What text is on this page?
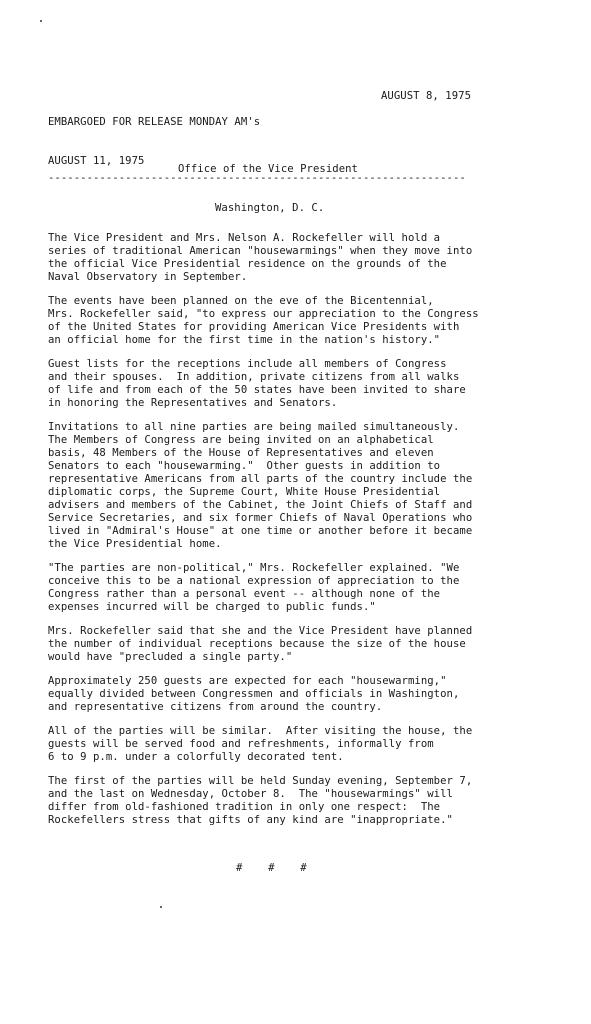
EMBARGOED FOR RELEASE MONDAY AM's

AUGUST 11, 1975

AUGUST 8, 1975

Office of the Vice President

Washington, D. C.

-----------------------------------------------------------------
The Vice President and Mrs. Nelson A. Rockefeller will hold a
series of traditional American "housewarmings" when they move into
the official Vice Presidential residence on the grounds of the
Naval Observatory in September.
The events have been planned on the eve of the Bicentennial,
Mrs. Rockefeller said, "to express our appreciation to the Congress
of the United States for providing American Vice Presidents with
an official home for the first time in the nation's history."
Guest lists for the receptions include all members of Congress
and their spouses.  In addition, private citizens from all walks
of life and from each of the 50 states have been invited to share
in honoring the Representatives and Senators.
Invitations to all nine parties are being mailed simultaneously.
The Members of Congress are being invited on an alphabetical
basis, 48 Members of the House of Representatives and eleven
Senators to each "housewarming."  Other guests in addition to
representative Americans from all parts of the country include the
diplomatic corps, the Supreme Court, White House Presidential
advisers and members of the Cabinet, the Joint Chiefs of Staff and
Service Secretaries, and six former Chiefs of Naval Operations who
lived in "Admiral's House" at one time or another before it became
the Vice Presidential home.
"The parties are non-political," Mrs. Rockefeller explained. "We
conceive this to be a national expression of appreciation to the
Congress rather than a personal event -- although none of the
expenses incurred will be charged to public funds."
Mrs. Rockefeller said that she and the Vice President have planned
the number of individual receptions because the size of the house
would have "precluded a single party."
Approximately 250 guests are expected for each "housewarming,"
equally divided between Congressmen and officials in Washington,
and representative citizens from around the country.
All of the parties will be similar.  After visiting the house, the
guests will be served food and refreshments, informally from
6 to 9 p.m. under a colorfully decorated tent.
The first of the parties will be held Sunday evening, September 7,
and the last on Wednesday, October 8.  The "housewarmings" will
differ from old-fashioned tradition in only one respect:  The
Rockefellers stress that gifts of any kind are "inappropriate."
#    #    #
